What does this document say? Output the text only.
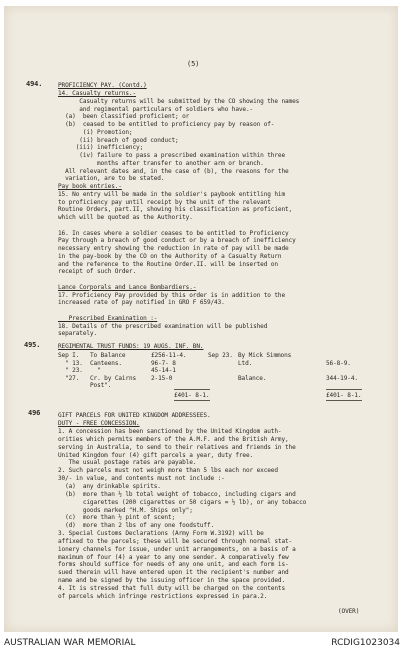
(5)
494.	PROFICIENCY PAY. (Contd.)
14. Casualty returns.-
Casualty returns will be submitted by the CO showing the names
and regimental particulars of soldiers who have.-
(a)  been classified proficient; or
(b)  ceased to be entitled to proficiency pay by reason of-
(i) Promotion;
(ii) breach of good conduct;
(iii) inefficiency;
(iv) failure to pass a prescribed examination within three
months after transfer to another arm or branch.
All relevant dates and, in the case of (b), the reasons for the
variation, are to be stated.
Pay book entries.-
15. No entry will be made in the soldier's paybook entitling him
to proficiency pay until receipt by the unit of the relevant
Routine Orders, part.II, showing his classification as proficient,
which will be quoted as the Authority.
16. In cases where a soldier ceases to be entitled to Proficiency
Pay through a breach of good conduct or by a breach of inefficiency
necessary entry showing the reduction in rate of pay will be made
in the pay-book by the CO on the Authority of a Casualty Return
and the reference to the Routine Order.II. will be inserted on
receipt of such Order.
Lance Corporals and Lance Bombardiers.-
17. Proficiency Pay provided by this order is in addition to the
increased rate of pay notified in GRO F 659/43.
Prescribed Examination :-
18. Details of the prescribed examination will be published
separately.
495.	REGIMENTAL TRUST FUNDS: 19 AUGS. INF. BN.
Sep I. To Balance	£256-11-4.	Sep 23. By Mick Simmons
" 13. Canteens.	96-7- 8	Ltd.	56-8-9.
" 23. "	45-14-1
"27. Cr. by Cairns 2-15-0	Balance.	344-19-4.
Post".
£401- 8-1.	£401- 8-1.
496	GIFT PARCELS FOR UNITED KINGDOM ADDRESSEES.
DUTY - FREE CONCESSION.
1. A concession has been sanctioned by the United Kingdom auth-
orities which permits members of the A.M.F. and the British Army,
serving in Australia, to send to their relatives and friends in the
United Kingdom four (4) gift parcels a year, duty free.
The usual postage rates are payable.
2. Such parcels must not weigh more than 5 lbs each nor exceed
30/- in value, and contents must not include :-
(a)  any drinkable spirits.
(b)  more than ½ lb total weight of tobacco, including cigars and
cigarettes (200 cigarettes or 50 cigars = ½ lb), or any tobacco
goods marked "H.M. Ships only";
(c)  more than ½ pint of scent;
(d)  more than 2 lbs of any one foodstuff.
3. Special Customs Declarations (Army Form W.3192) will be
affixed to the parcels; these will be secured through normal stat-
ionery channels for issue, under unit arrangements, on a basis of a
maximum of four (4) a year to any one sender. A comparatively few
forms should suffice for needs of any one unit, and each form is-
sued therein will have entered upon it the recipient's number and
name and be signed by the issuing officer in the space provided.
4. It is stressed that full duty will be charged on the contents
of parcels which infringe restrictions expressed in para.2.
(OVER)
AUSTRALIAN WAR MEMORIAL	RCDIG1023034
